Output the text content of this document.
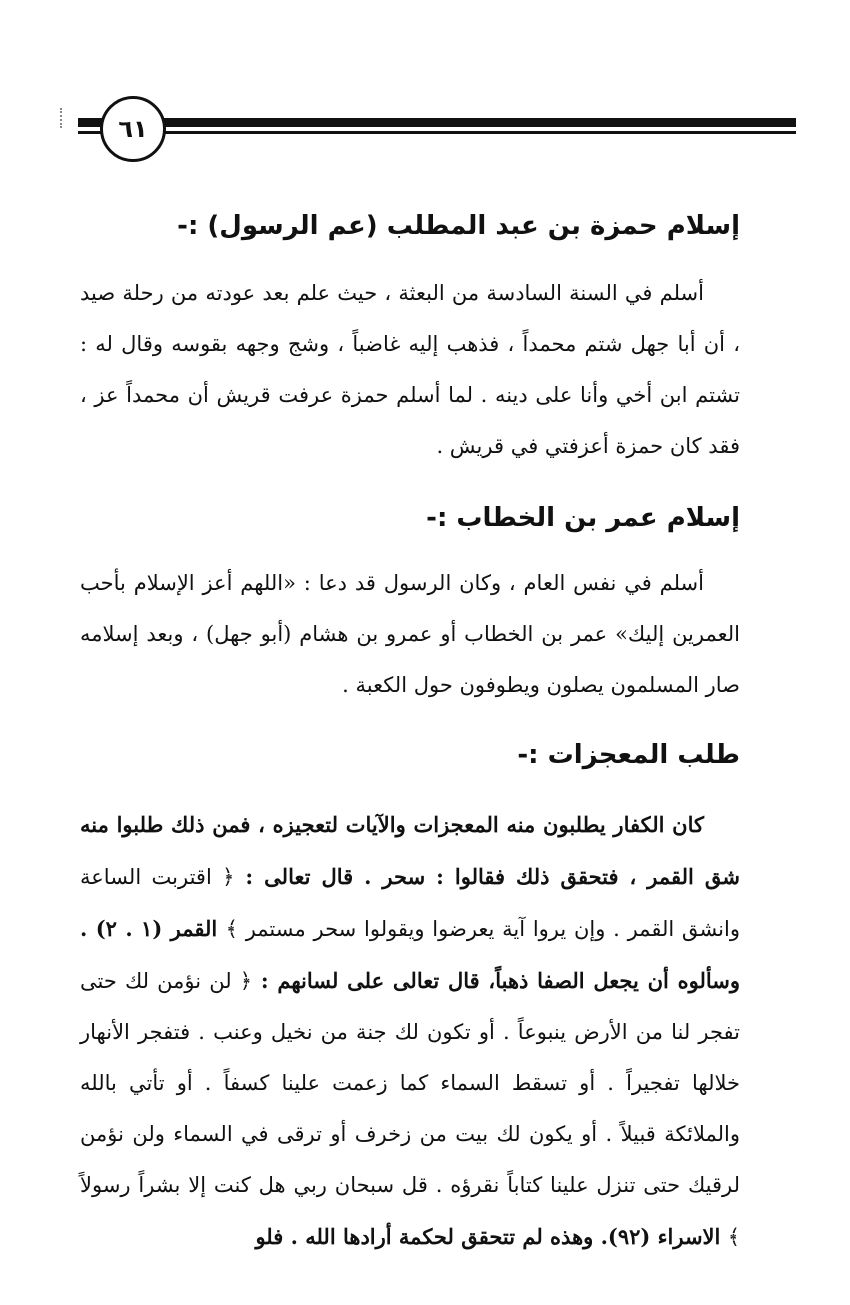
٦١
إسلام حمزة بن عبد المطلب (عم الرسول) :-

أسلم في السنة السادسة من البعثة ، حيث علم بعد عودته من رحلة صيد ، أن أبا جهل شتم محمداً ، فذهب إليه غاضباً ، وشج وجهه بقوسه وقال له : تشتم ابن أخي وأنا على دينه . لما أسلم حمزة عرفت قريش أن محمداً عز ، فقد كان حمزة أعزفتي في قريش .

إسلام عمر بن الخطاب :-

أسلم في نفس العام ، وكان الرسول قد دعا : «اللهم أعز الإسلام بأحب العمرين إليك» عمر بن الخطاب أو عمرو بن هشام (أبو جهل) ، وبعد إسلامه صار المسلمون يصلون ويطوفون حول الكعبة .

طلب المعجزات :-

كان الكفار يطلبون منه المعجزات والآيات لتعجيزه ، فمن ذلك طلبوا منه شق القمر ، فتحقق ذلك فقالوا : سحر . قال تعالى : ﴿ اقتربت الساعة وانشق القمر . وإن يروا آية يعرضوا ويقولوا سحر مستمر ﴾ القمر (١ . ٢) . وسألوه أن يجعل الصفا ذهباً، قال تعالى على لسانهم : ﴿ لن نؤمن لك حتى تفجر لنا من الأرض ينبوعاً . أو تكون لك جنة من نخيل وعنب . فتفجر الأنهار خلالها تفجيراً . أو تسقط السماء كما زعمت علينا كسفاً . أو تأتي بالله والملائكة قبيلاً . أو يكون لك بيت من زخرف أو ترقى في السماء ولن نؤمن لرقيك حتى تنزل علينا كتاباً نقرؤه . قل سبحان ربي هل كنت إلا بشراً رسولاً ﴾ الاسراء (٩٢). وهذه لم تتحقق لحكمة أرادها الله . فلو
